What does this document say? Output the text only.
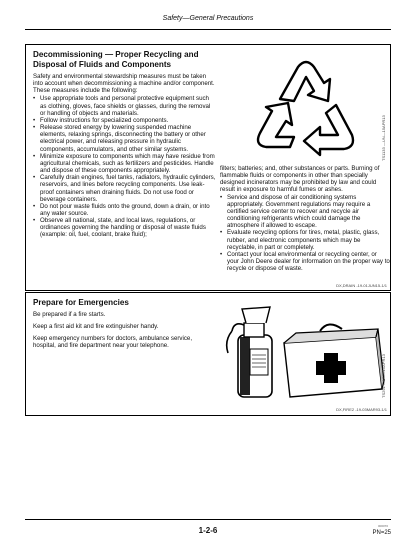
Safety—General Precautions
Decommissioning — Proper Recycling and
Disposal of Fluids and Components

Safety and environmental stewardship measures must be taken into account when decommissioning a machine and/or component. These measures include the following:

• Use appropriate tools and personal protective equipment such as clothing, gloves, face shields or glasses, during the removal or handling of objects and materials.
• Follow instructions for specialized components.
• Release stored energy by lowering suspended machine elements, relaxing springs, disconnecting the battery or other electrical power, and releasing pressure in hydraulic components, accumulators, and other similar systems.
• Minimize exposure to components which may have residue from agricultural chemicals, such as fertilizers and pesticides. Handle and dispose of these components appropriately.
• Carefully drain engines, fuel tanks, radiators, hydraulic cylinders, reservoirs, and lines before recycling components. Use leak-proof containers when draining fluids. Do not use food or beverage containers.
• Do not pour waste fluids onto the ground, down a drain, or into any water source.
• Observe all national, state, and local laws, regulations, or ordinances governing the handling or disposal of waste fluids (example: oil, fuel, coolant, brake fluid);
TS1133 —UN—15APR13

filters; batteries; and, other substances or parts. Burning of flammable fluids or components in other than specially designed incinerators may be prohibited by law and could result in exposure to harmful fumes or ashes.

• Service and dispose of air conditioning systems appropriately. Government regulations may require a certified service center to recover and recycle air conditioning refrigerants which could damage the atmosphere if allowed to escape.
• Evaluate recycling options for tires, metal, plastic, glass, rubber, and electronic components which may be recyclable, in part or completely.
• Contact your local environmental or recycling center, or your John Deere dealer for information on the proper way to recycle or dispose of waste.
DX,DRAIN -19-01JUN15-1/1
Prepare for Emergencies

Be prepared if a fire starts.

Keep a first aid kit and fire extinguisher handy.

Keep emergency numbers for doctors, ambulance service, hospital, and fire department near your telephone.

TS291 —UN—15APR13
DX,FIRE2 -19-03MAR93-1/1
1-2-6	000070
PN=25
